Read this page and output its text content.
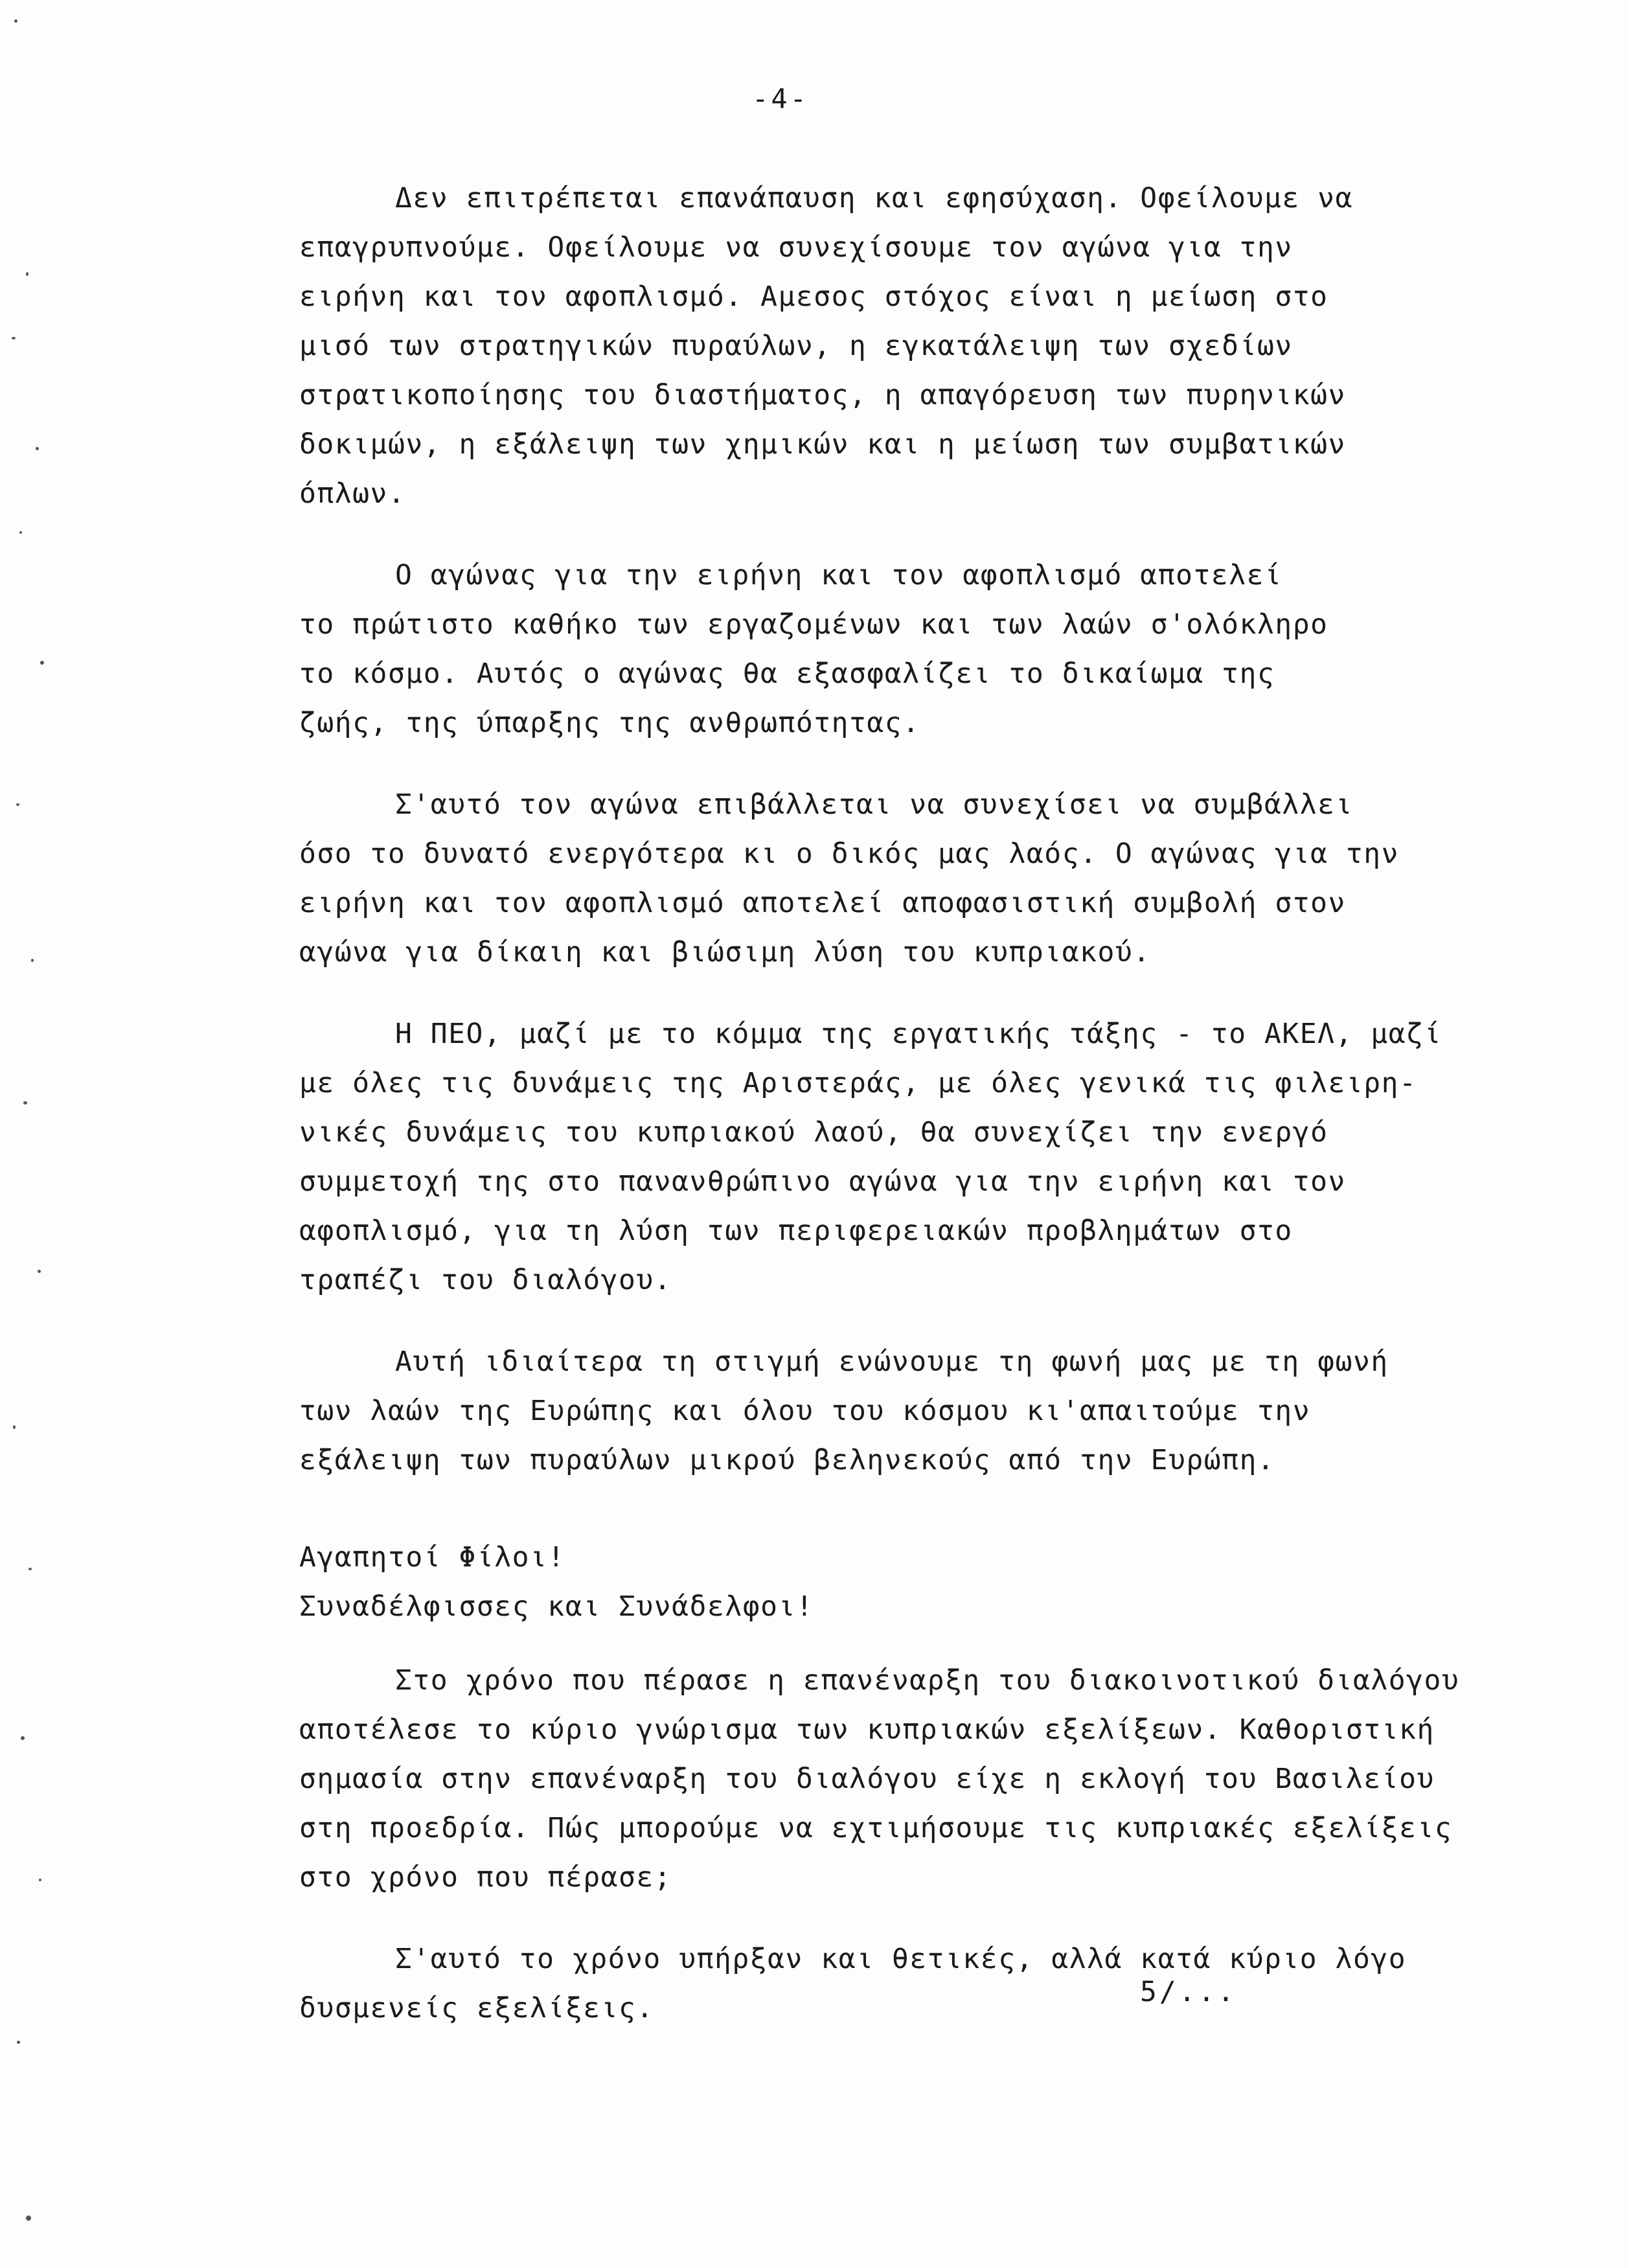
-4-

Δεν επιτρέπεται επανάπαυση και εφησύχαση. Οφείλουμε να
επαγρυπνούμε. Οφείλουμε να συνεχίσουμε τον αγώνα για την
ειρήνη και τον αφοπλισμό. Αμεσος στόχος είναι η μείωση στο
μισό των στρατηγικών πυραύλων, η εγκατάλειψη των σχεδίων
στρατικοποίησης του διαστήματος, η απαγόρευση των πυρηνικών
δοκιμών, η εξάλειψη των χημικών και η μείωση των συμβατικών
όπλων.

Ο αγώνας για την ειρήνη και τον αφοπλισμό αποτελεί
το πρώτιστο καθήκο των εργαζομένων και των λαών σ'ολόκληρο
το κόσμο. Αυτός ο αγώνας θα εξασφαλίζει το δικαίωμα της
ζωής, της ύπαρξης της ανθρωπότητας.

Σ'αυτό τον αγώνα επιβάλλεται να συνεχίσει να συμβάλλει
όσο το δυνατό ενεργότερα κι ο δικός μας λαός. Ο αγώνας για την
ειρήνη και τον αφοπλισμό αποτελεί αποφασιστική συμβολή στον
αγώνα για δίκαιη και βιώσιμη λύση του κυπριακού.

Η ΠΕΟ, μαζί με το κόμμα της εργατικής τάξης - το ΑΚΕΛ, μαζί
με όλες τις δυνάμεις της Αριστεράς, με όλες γενικά τις φιλειρη-
νικές δυνάμεις του κυπριακού λαού, θα συνεχίζει την ενεργό
συμμετοχή της στο πανανθρώπινο αγώνα για την ειρήνη και τον
αφοπλισμό, για τη λύση των περιφερειακών προβλημάτων στο
τραπέζι του διαλόγου.

Αυτή ιδιαίτερα τη στιγμή ενώνουμε τη φωνή μας με τη φωνή
των λαών της Ευρώπης και όλου του κόσμου κι'απαιτούμε την
εξάλειψη των πυραύλων μικρού βεληνεκούς από την Ευρώπη.

Αγαπητοί Φίλοι!
Συναδέλφισσες και Συνάδελφοι!

Στο χρόνο που πέρασε η επανέναρξη του διακοινοτικού διαλόγου
αποτέλεσε το κύριο γνώρισμα των κυπριακών εξελίξεων. Καθοριστική
σημασία στην επανέναρξη του διαλόγου είχε η εκλογή του Βασιλείου
στη προεδρία. Πώς μπορούμε να εχτιμήσουμε τις κυπριακές εξελίξεις
στο χρόνο που πέρασε;

Σ'αυτό το χρόνο υπήρξαν και θετικές, αλλά κατά κύριο λόγο
δυσμενείς εξελίξεις.	5/...
